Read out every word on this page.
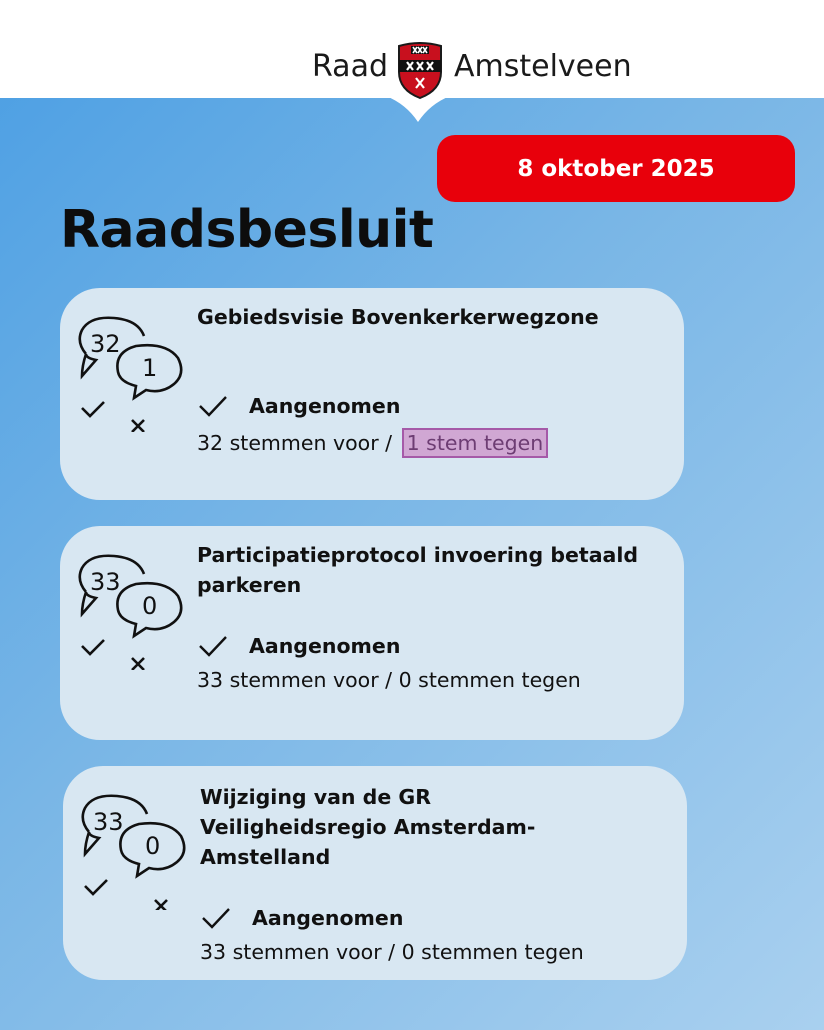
Raad Amstelveen
8 oktober 2025
Raadsbesluit
32
1
Gebiedsvisie Bovenkerkerwegzone
Aangenomen
32 stemmen voor / 1 stem tegen
33
0
Participatieprotocol invoering betaald parkeren
Aangenomen
33 stemmen voor / 0 stemmen tegen
33
0
Wijziging van de GR Veiligheidsregio Amsterdam-Amstelland
Aangenomen
33 stemmen voor / 0 stemmen tegen
